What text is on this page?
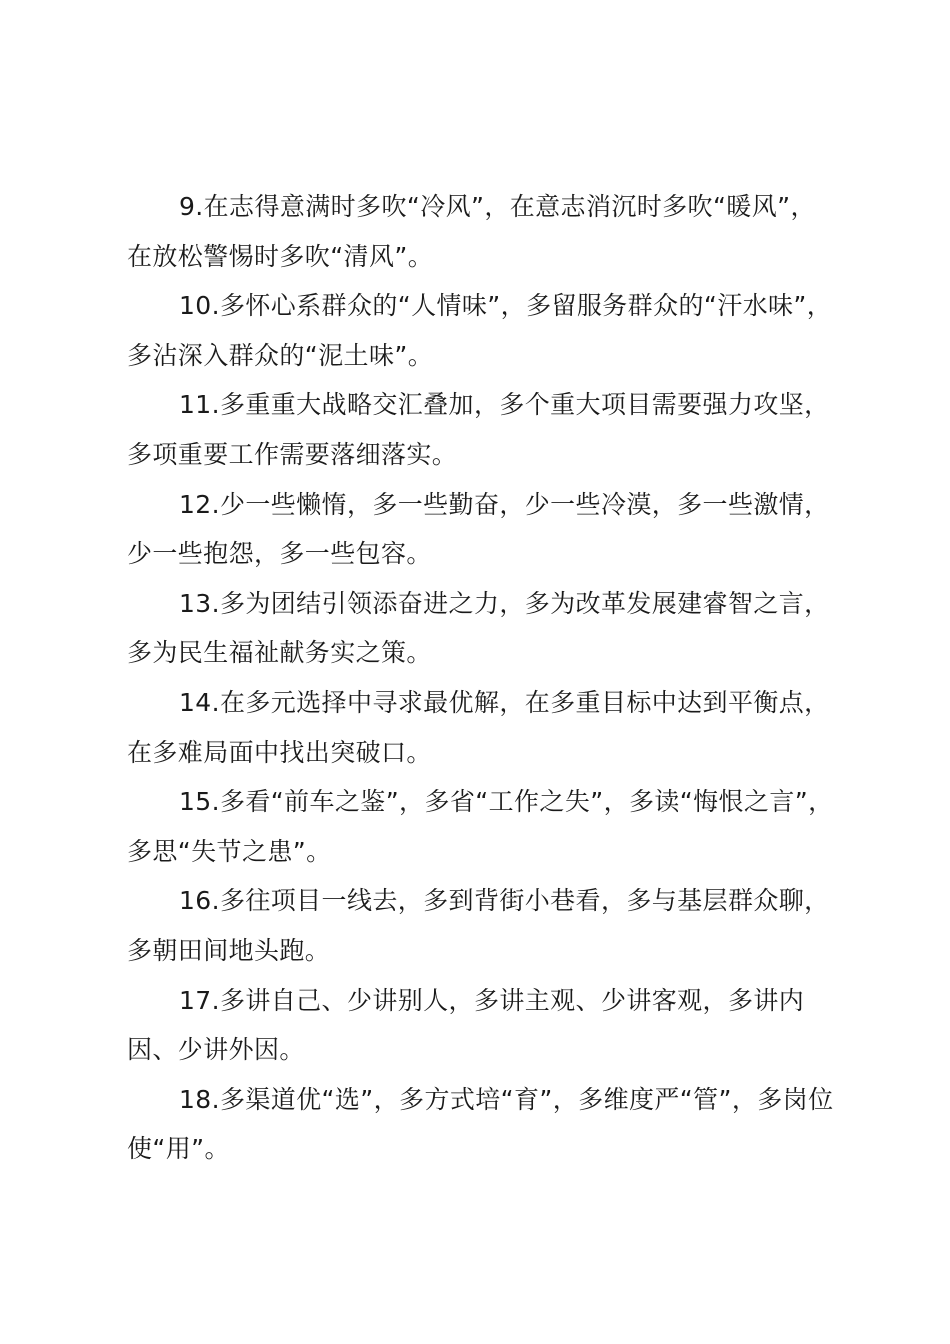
9.在志得意满时多吹“冷风”，在意志消沉时多吹“暖风”，在放松警惕时多吹“清风”。

10.多怀心系群众的“人情味”，多留服务群众的“汗水味”，多沾深入群众的“泥土味”。

11.多重重大战略交汇叠加，多个重大项目需要强力攻坚，多项重要工作需要落细落实。

12.少一些懒惰，多一些勤奋，少一些冷漠，多一些激情，少一些抱怨，多一些包容。

13.多为团结引领添奋进之力，多为改革发展建睿智之言，多为民生福祉献务实之策。

14.在多元选择中寻求最优解，在多重目标中达到平衡点，在多难局面中找出突破口。

15.多看“前车之鉴”，多省“工作之失”，多读“悔恨之言”，多思“失节之患”。

16.多往项目一线去，多到背街小巷看，多与基层群众聊，多朝田间地头跑。

17.多讲自己、少讲别人，多讲主观、少讲客观，多讲内因、少讲外因。

18.多渠道优“选”，多方式培“育”，多维度严“管”，多岗位使“用”。
